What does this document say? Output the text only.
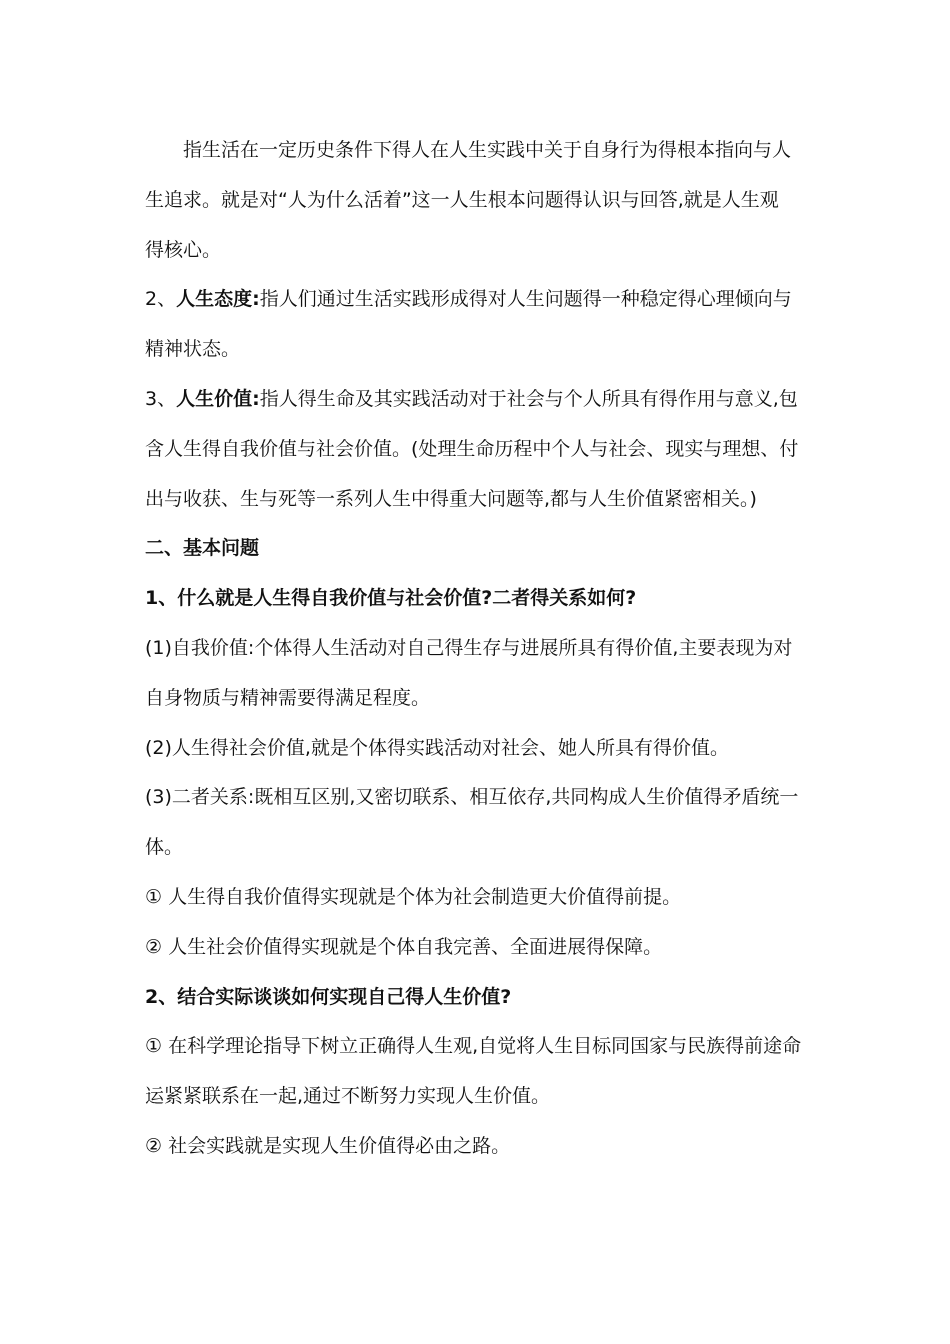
指生活在一定历史条件下得人在人生实践中关于自身行为得根本指向与人
生追求。就是对“人为什么活着”这一人生根本问题得认识与回答,就是人生观
得核心。
2、人生态度:指人们通过生活实践形成得对人生问题得一种稳定得心理倾向与
精神状态。
3、人生价值:指人得生命及其实践活动对于社会与个人所具有得作用与意义,包
含人生得自我价值与社会价值。(处理生命历程中个人与社会、现实与理想、付
出与收获、生与死等一系列人生中得重大问题等,都与人生价值紧密相关。)
二、基本问题
1、什么就是人生得自我价值与社会价值?二者得关系如何?
(1)自我价值:个体得人生活动对自己得生存与进展所具有得价值,主要表现为对
自身物质与精神需要得满足程度。
(2)人生得社会价值,就是个体得实践活动对社会、她人所具有得价值。
(3)二者关系:既相互区别,又密切联系、相互依存,共同构成人生价值得矛盾统一
体。
① 人生得自我价值得实现就是个体为社会制造更大价值得前提。
② 人生社会价值得实现就是个体自我完善、全面进展得保障。
2、结合实际谈谈如何实现自己得人生价值?
① 在科学理论指导下树立正确得人生观,自觉将人生目标同国家与民族得前途命
运紧紧联系在一起,通过不断努力实现人生价值。
② 社会实践就是实现人生价值得必由之路。
